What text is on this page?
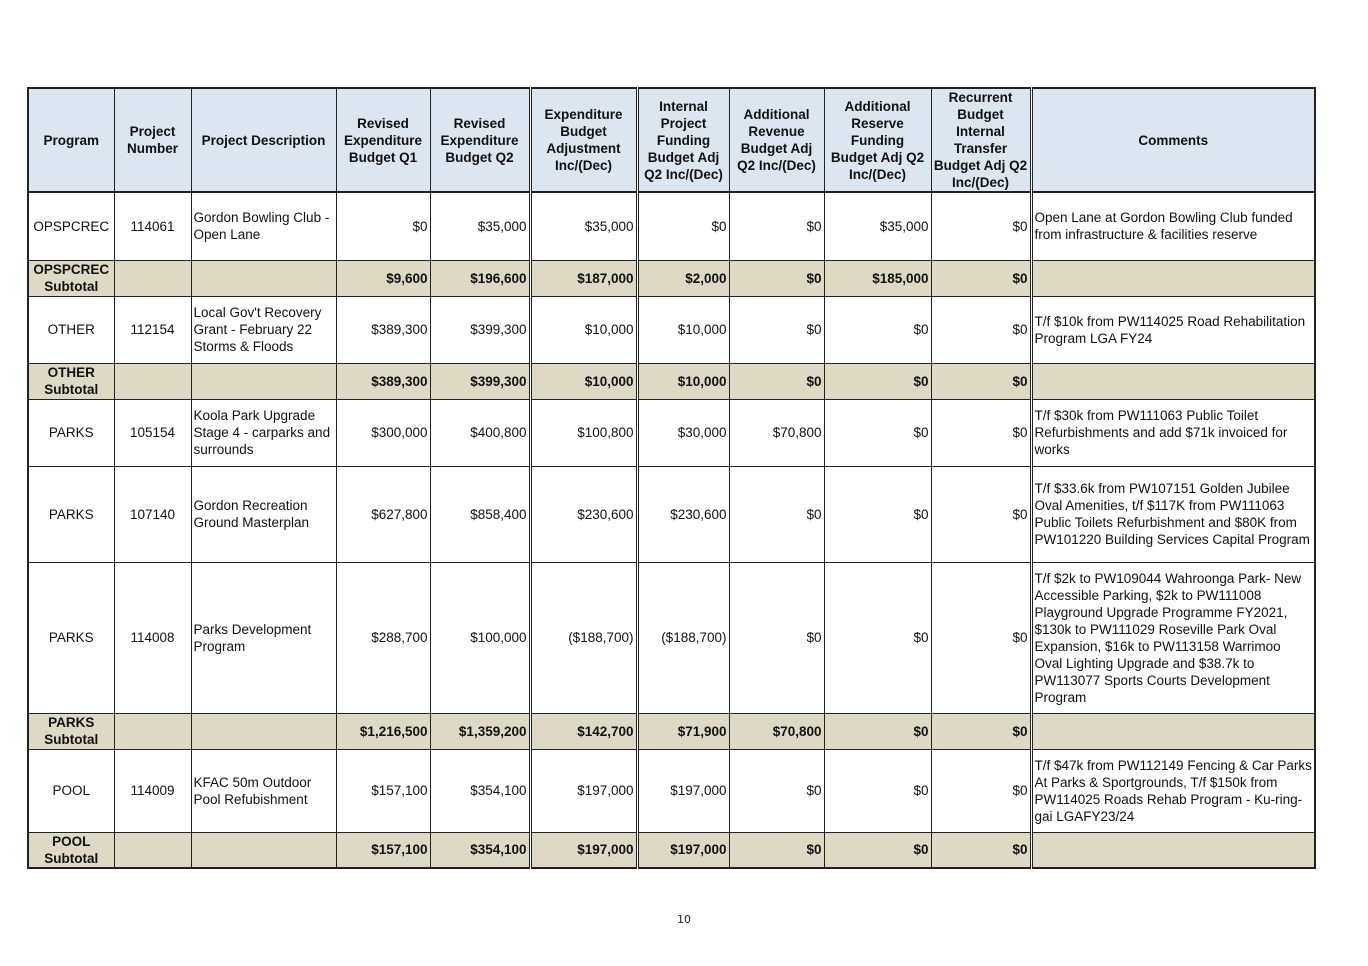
Program	Project Number	Project Description	Revised Expenditure Budget Q1	Revised Expenditure Budget Q2	Expenditure Budget Adjustment Inc/(Dec)	Internal Project Funding Budget Adj Q2 Inc/(Dec)	Additional Revenue Budget Adj Q2 Inc/(Dec)	Additional Reserve Funding Budget Adj Q2 Inc/(Dec)	Recurrent Budget Internal Transfer Budget Adj Q2 Inc/(Dec)	Comments
OPSPCREC	114061	Gordon Bowling Club - Open Lane	$0	$35,000	$35,000	$0	$0	$35,000	$0	Open Lane at Gordon Bowling Club funded from infrastructure & facilities reserve
OPSPCREC Subtotal			$9,600	$196,600	$187,000	$2,000	$0	$185,000	$0	
OTHER	112154	Local Gov't Recovery Grant - February 22 Storms & Floods	$389,300	$399,300	$10,000	$10,000	$0	$0	$0	T/f $10k from PW114025 Road Rehabilitation Program LGA FY24
OTHER Subtotal			$389,300	$399,300	$10,000	$10,000	$0	$0	$0	
PARKS	105154	Koola Park Upgrade Stage 4 - carparks and surrounds	$300,000	$400,800	$100,800	$30,000	$70,800	$0	$0	T/f $30k from PW111063 Public Toilet Refurbishments and add $71k invoiced for works
PARKS	107140	Gordon Recreation Ground Masterplan	$627,800	$858,400	$230,600	$230,600	$0	$0	$0	T/f $33.6k from PW107151 Golden Jubilee Oval Amenities, t/f $117K from PW111063 Public Toilets Refurbishment and $80K from PW101220 Building Services Capital Program
PARKS	114008	Parks Development Program	$288,700	$100,000	($188,700)	($188,700)	$0	$0	$0	T/f $2k to PW109044 Wahroonga Park- New Accessible Parking, $2k to PW111008 Playground Upgrade Programme FY2021, $130k to PW111029 Roseville Park Oval Expansion, $16k to PW113158 Warrimoo Oval Lighting Upgrade and $38.7k to PW113077 Sports Courts Development Program
PARKS Subtotal			$1,216,500	$1,359,200	$142,700	$71,900	$70,800	$0	$0	
POOL	114009	KFAC 50m Outdoor Pool Refubishment	$157,100	$354,100	$197,000	$197,000	$0	$0	$0	T/f $47k from PW112149 Fencing & Car Parks At Parks & Sportgrounds, T/f $150k from PW114025 Roads Rehab Program - Ku-ring-gai LGAFY23/24
POOL Subtotal			$157,100	$354,100	$197,000	$197,000	$0	$0	$0	
10
